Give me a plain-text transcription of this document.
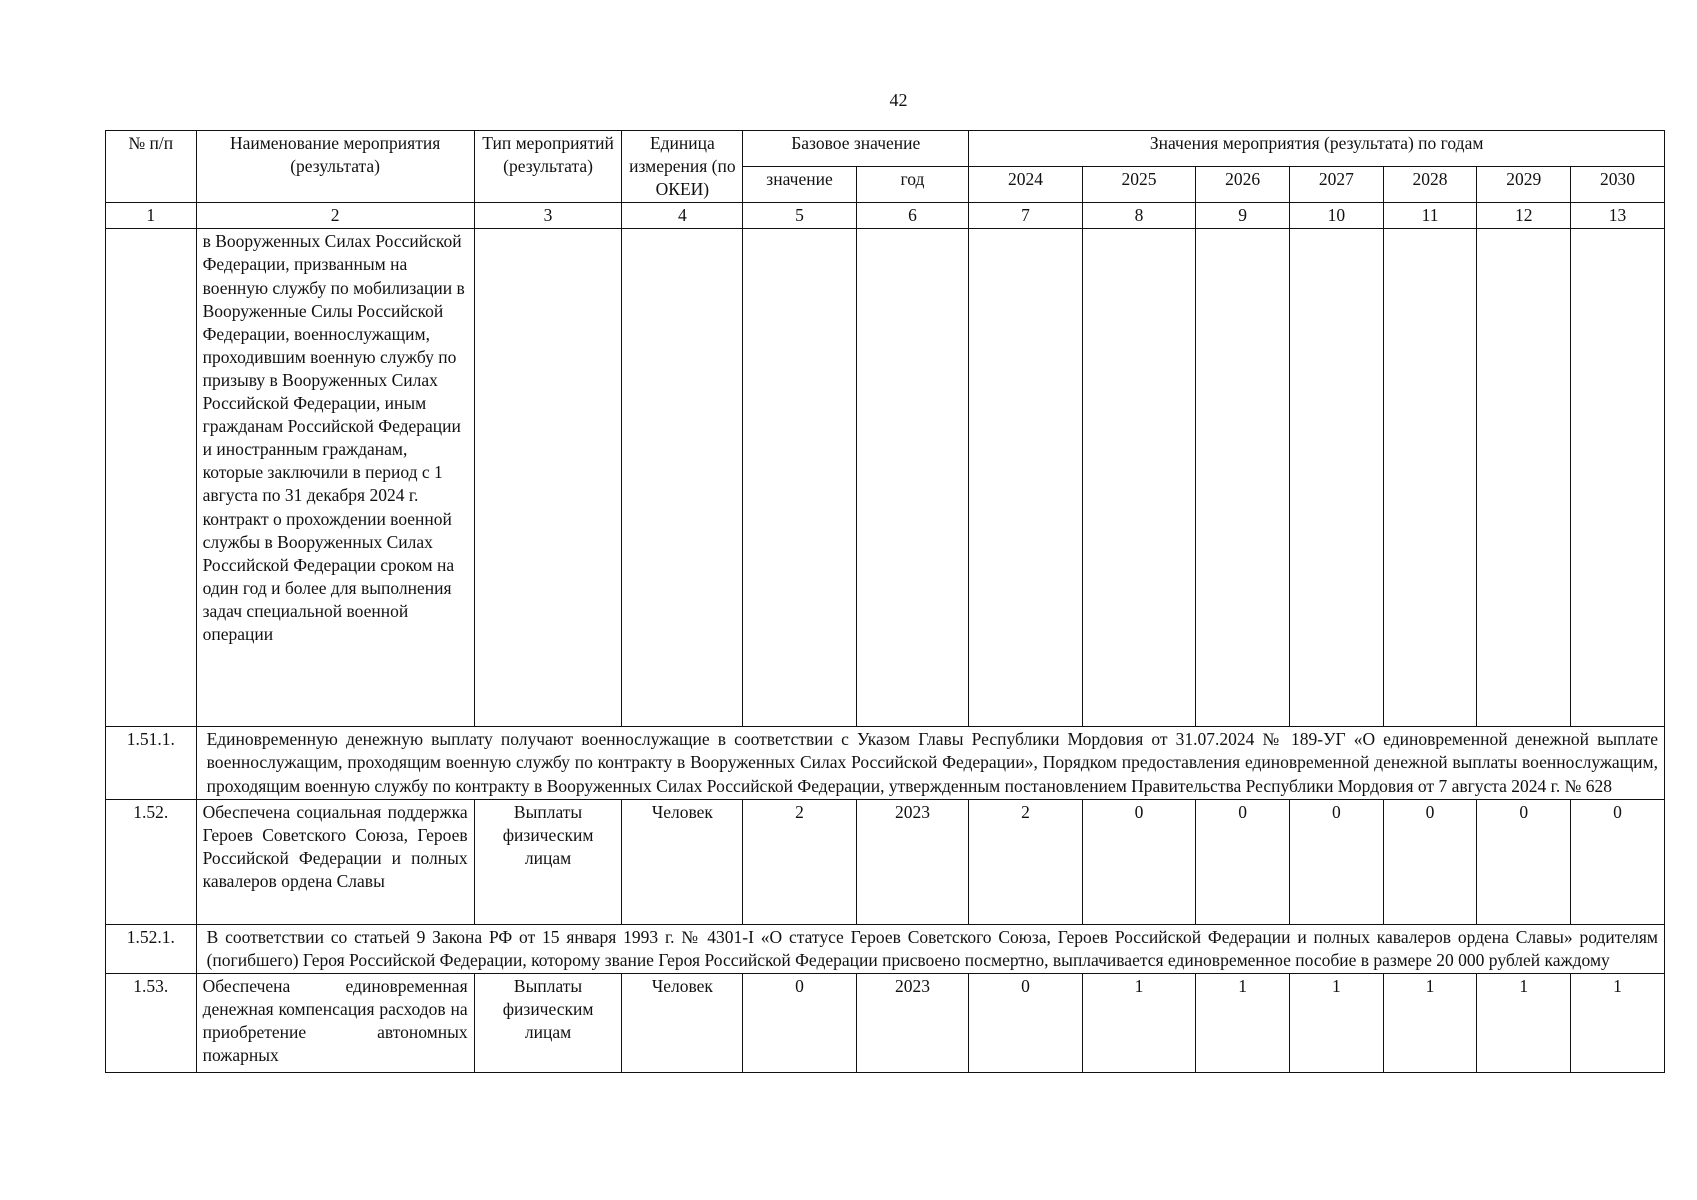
42
№ п/п	Наименование мероприятия (результата)	Тип мероприятий (результата)	Единица измерения (по ОКЕИ)	Базовое значение		Значения мероприятия (результата) по годам						
				значение	год	2024	2025	2026	2027	2028	2029	2030
1	2	3	4	5	6	7	8	9	10	11	12	13
	в Вооруженных Силах Российской Федерации, призванным на военную службу по мобилизации в Вооруженные Силы Российской Федерации, военнослужащим, проходившим военную службу по призыву в Вооруженных Силах Российской Федерации, иным гражданам Российской Федерации и иностранным гражданам, которые заключили в период с 1 августа по 31 декабря 2024 г. контракт о прохождении военной службы в Вооруженных Силах Российской Федерации сроком на один год и более для выполнения задач специальной военной операции											
1.51.1.	Единовременную денежную выплату получают военнослужащие в соответствии с Указом Главы Республики Мордовия от 31.07.2024 № 189-УГ «О единовременной денежной выплате военнослужащим, проходящим военную службу по контракту в Вооруженных Силах Российской Федерации», Порядком предоставления единовременной денежной выплаты военнослужащим, проходящим военную службу по контракту в Вооруженных Силах Российской Федерации, утвержденным постановлением Правительства Республики Мордовия от 7 августа 2024 г. № 628											
1.52.	Обеспечена социальная поддержка Героев Советского Союза, Героев Российской Федерации и полных кавалеров ордена Славы	Выплаты физическим лицам	Человек	2	2023	2	0	0	0	0	0	0
1.52.1.	В соответствии со статьей 9 Закона РФ от 15 января 1993 г. № 4301-I «О статусе Героев Советского Союза, Героев Российской Федерации и полных кавалеров ордена Славы» родителям (погибшего) Героя Российской Федерации, которому звание Героя Российской Федерации присвоено посмертно, выплачивается единовременное пособие в размере 20 000 рублей каждому											
1.53.	Обеспечена единовременная денежная компенсация расходов на приобретение автономных пожарных	Выплаты физическим лицам	Человек	0	2023	0	1	1	1	1	1	1
